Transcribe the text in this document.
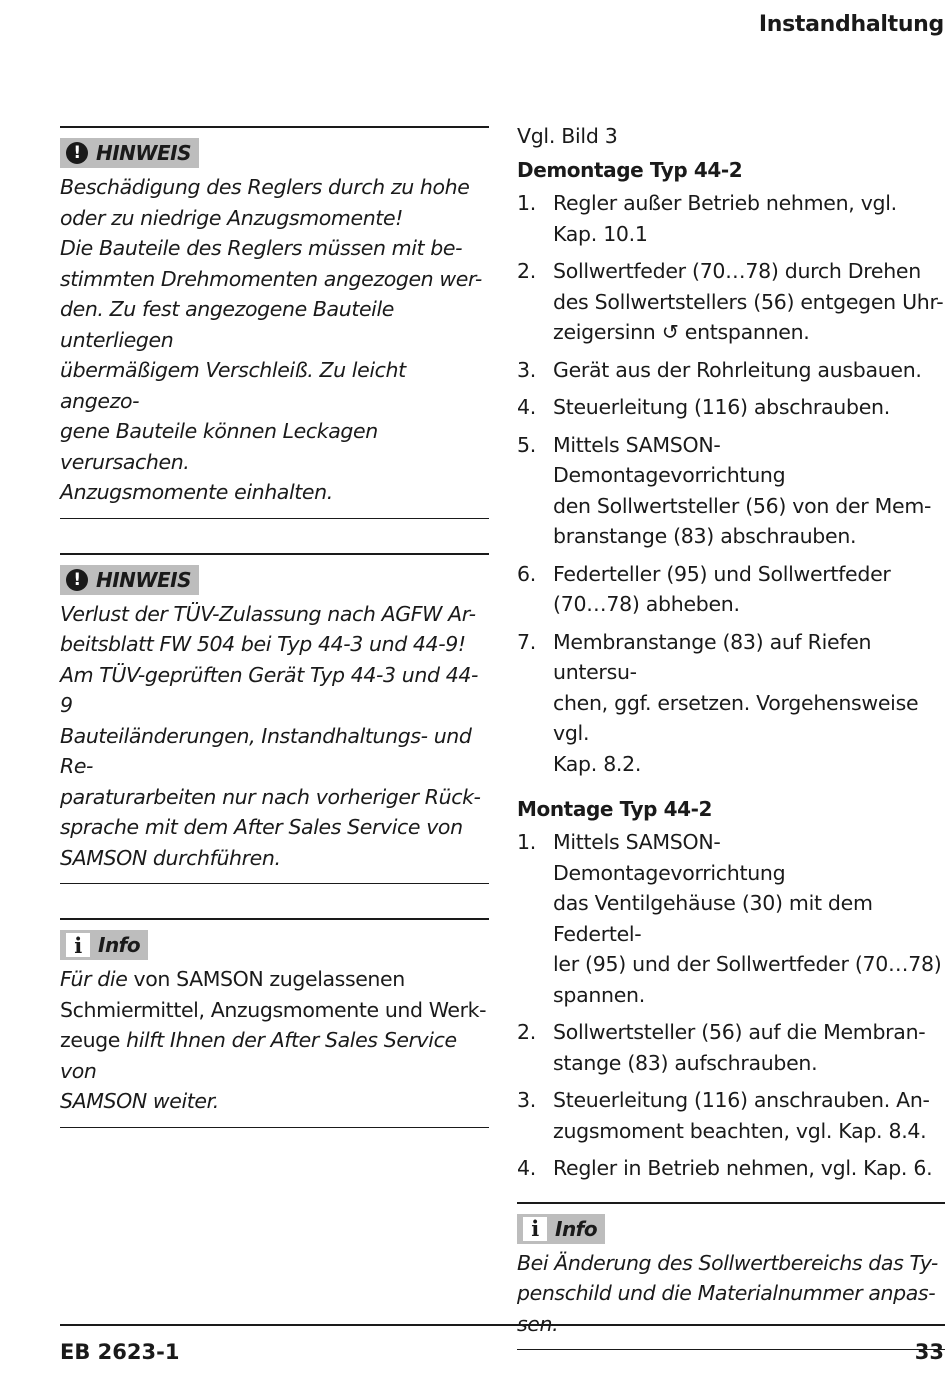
Instandhaltung
! HINWEIS
Beschädigung des Reglers durch zu hohe
oder zu niedrige Anzugsmomente!
Die Bauteile des Reglers müssen mit be-
stimmten Drehmomenten angezogen wer-
den. Zu fest angezogene Bauteile unterliegen
übermäßigem Verschleiß. Zu leicht angezo-
gene Bauteile können Leckagen verursachen.
Anzugsmomente einhalten.
! HINWEIS
Verlust der TÜV-Zulassung nach AGFW Ar-
beitsblatt FW 504 bei Typ 44-3 und 44-9!
Am TÜV-geprüften Gerät Typ 44-3 und 44-9
Bauteiländerungen, Instandhaltungs- und Re-
paraturarbeiten nur nach vorheriger Rück-
sprache mit dem After Sales Service von
SAMSON durchführen.
i Info
Für die von SAMSON zugelassenen
Schmiermittel, Anzugsmomente und Werk-
zeuge hilft Ihnen der After Sales Service von
SAMSON weiter.
Vgl. Bild 3
Demontage Typ 44-2
1. Regler außer Betrieb nehmen, vgl.
Kap. 10.1
2. Sollwertfeder (70…78) durch Drehen
des Sollwertstellers (56) entgegen Uhr-
zeigersinn ↺ entspannen.
3. Gerät aus der Rohrleitung ausbauen.
4. Steuerleitung (116) abschrauben.
5. Mittels SAMSON-Demontagevorrichtung
den Sollwertsteller (56) von der Mem-
branstange (83) abschrauben.
6. Federteller (95) und Sollwertfeder
(70…78) abheben.
7. Membranstange (83) auf Riefen untersu-
chen, ggf. ersetzen. Vorgehensweise vgl.
Kap. 8.2.
Montage Typ 44-2
1. Mittels SAMSON-Demontagevorrichtung
das Ventilgehäuse (30) mit dem Federtel-
ler (95) und der Sollwertfeder (70…78)
spannen.
2. Sollwertsteller (56) auf die Membran-
stange (83) aufschrauben.
3. Steuerleitung (116) anschrauben. An-
zugsmoment beachten, vgl. Kap. 8.4.
4. Regler in Betrieb nehmen, vgl. Kap. 6.
i Info
Bei Änderung des Sollwertbereichs das Ty-
penschild und die Materialnummer anpas-
sen.
EB 2623-1	33
